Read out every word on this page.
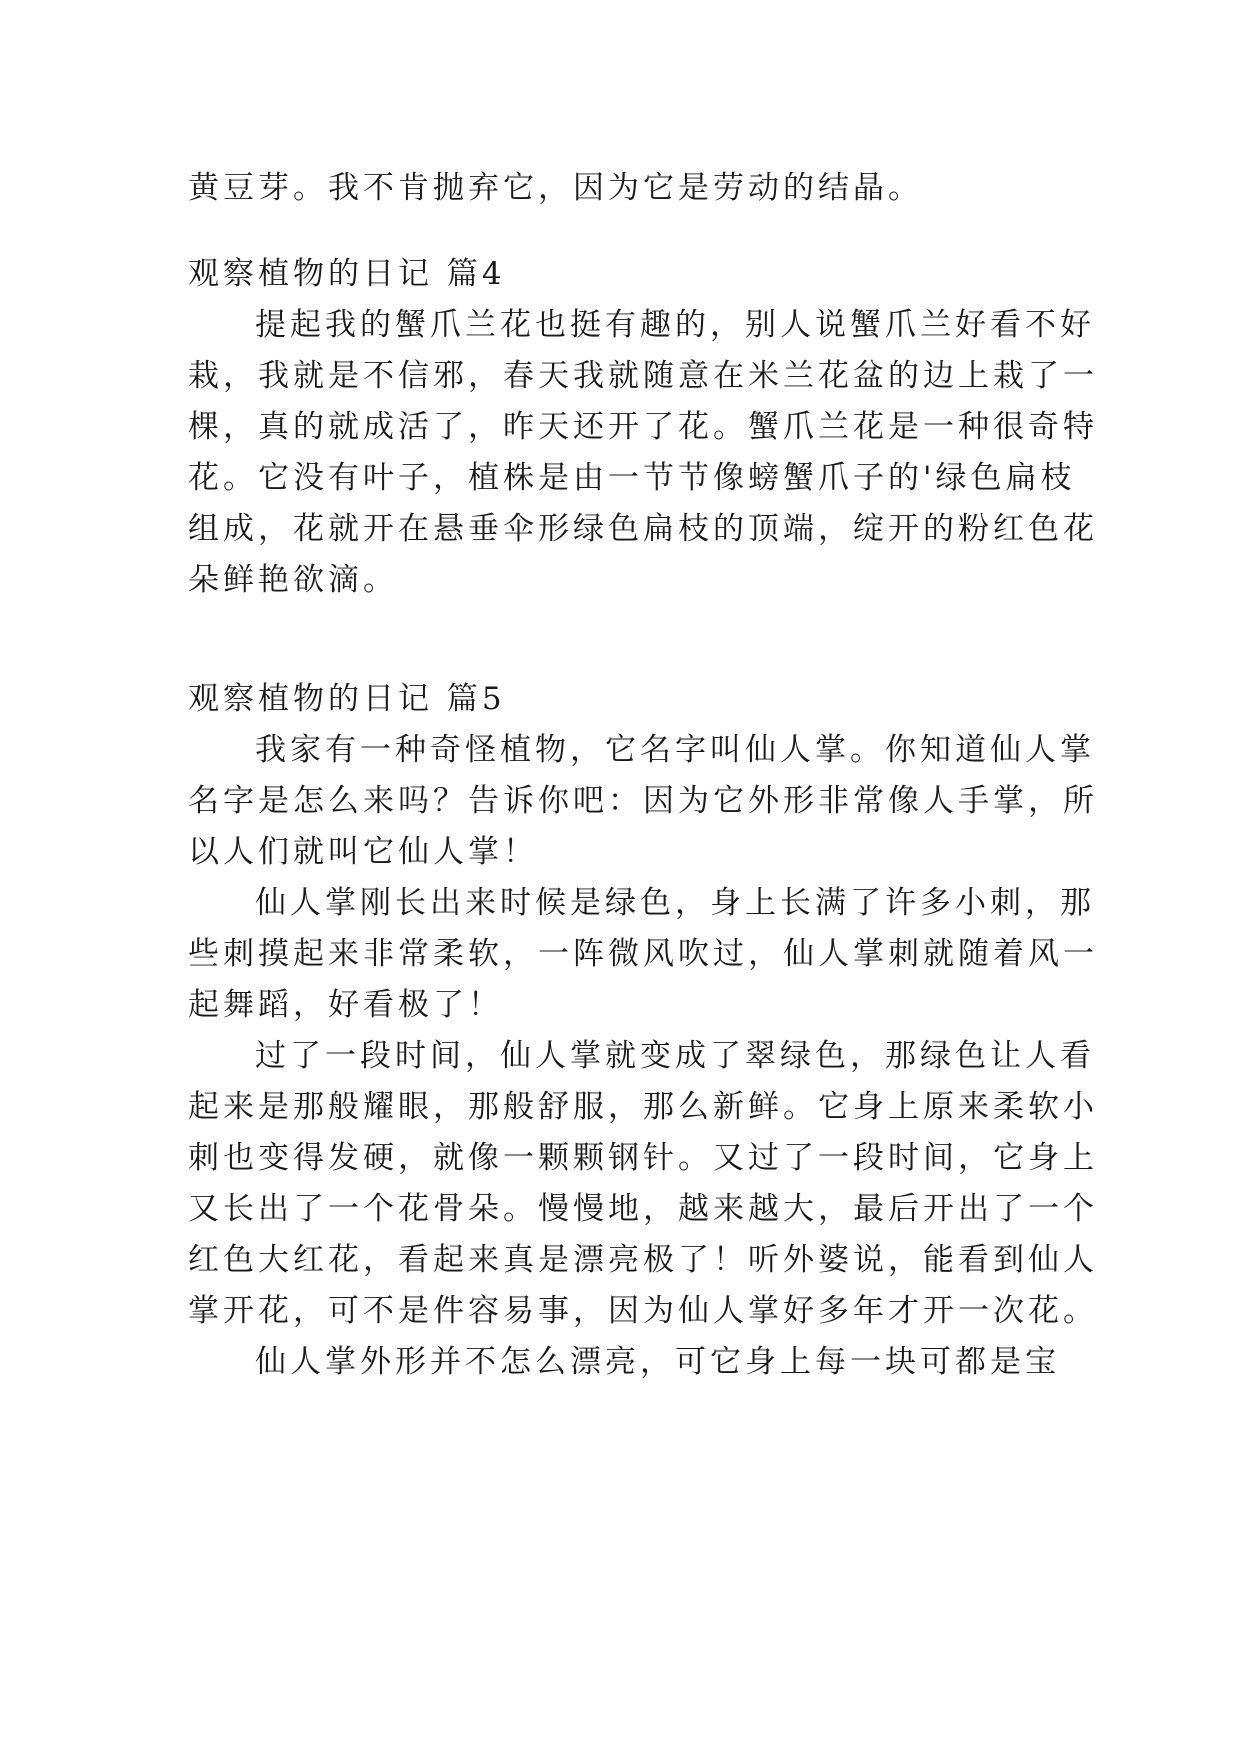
黄豆芽。我不肯抛弃它，因为它是劳动的结晶。
观察植物的日记 篇4
提起我的蟹爪兰花也挺有趣的，别人说蟹爪兰好看不好
栽，我就是不信邪，春天我就随意在米兰花盆的边上栽了一
棵，真的就成活了，昨天还开了花。蟹爪兰花是一种很奇特
花。它没有叶子，植株是由一节节像螃蟹爪子的'绿色扁枝
组成，花就开在悬垂伞形绿色扁枝的顶端，绽开的粉红色花
朵鲜艳欲滴。
观察植物的日记 篇5
我家有一种奇怪植物，它名字叫仙人掌。你知道仙人掌
名字是怎么来吗？告诉你吧：因为它外形非常像人手掌，所
以人们就叫它仙人掌！
仙人掌刚长出来时候是绿色，身上长满了许多小刺，那
些刺摸起来非常柔软，一阵微风吹过，仙人掌刺就随着风一
起舞蹈，好看极了！
过了一段时间，仙人掌就变成了翠绿色，那绿色让人看
起来是那般耀眼，那般舒服，那么新鲜。它身上原来柔软小
刺也变得发硬，就像一颗颗钢针。又过了一段时间，它身上
又长出了一个花骨朵。慢慢地，越来越大，最后开出了一个
红色大红花，看起来真是漂亮极了！听外婆说，能看到仙人
掌开花，可不是件容易事，因为仙人掌好多年才开一次花。
仙人掌外形并不怎么漂亮，可它身上每一块可都是宝
